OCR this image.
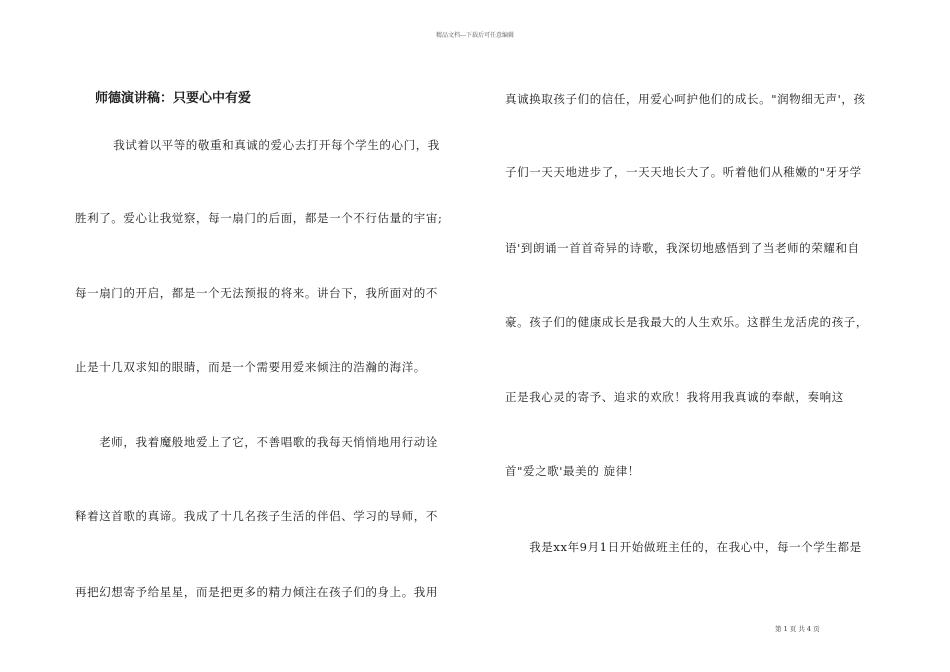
精品文档---下载后可任意编辑
师德演讲稿：只要心中有爱
　　我试着以平等的敬重和真诚的爱心去打开每个学生的心门，我
胜利了。爱心让我觉察，每一扇门的后面，都是一个不行估量的宇宙;
每一扇门的开启，都是一个无法预报的将来。讲台下，我所面对的不
止是十几双求知的眼睛，而是一个需要用爱来倾注的浩瀚的海洋。
　　老师，我着魔般地爱上了它，不善唱歌的我每天悄悄地用行动诠
释着这首歌的真谛。我成了十几名孩子生活的伴侣、学习的导师，不
再把幻想寄予给星星，而是把更多的精力倾注在孩子们的身上。我用
真诚换取孩子们的信任，用爱心呵护他们的成长。"润物细无声'，孩
子们一天天地进步了，一天天地长大了。听着他们从稚嫩的"牙牙学
语'到朗诵一首首奇异的诗歌，我深切地感悟到了当老师的荣耀和自
豪。孩子们的健康成长是我最大的人生欢乐。这群生龙活虎的孩子，
正是我心灵的寄予、追求的欢欣！我将用我真诚的奉献，奏响这
首"爱之歌'最美的 旋律！
　　我是xx年9月1日开始做班主任的，在我心中，每一个学生都是
第 1 页 共 4 页
